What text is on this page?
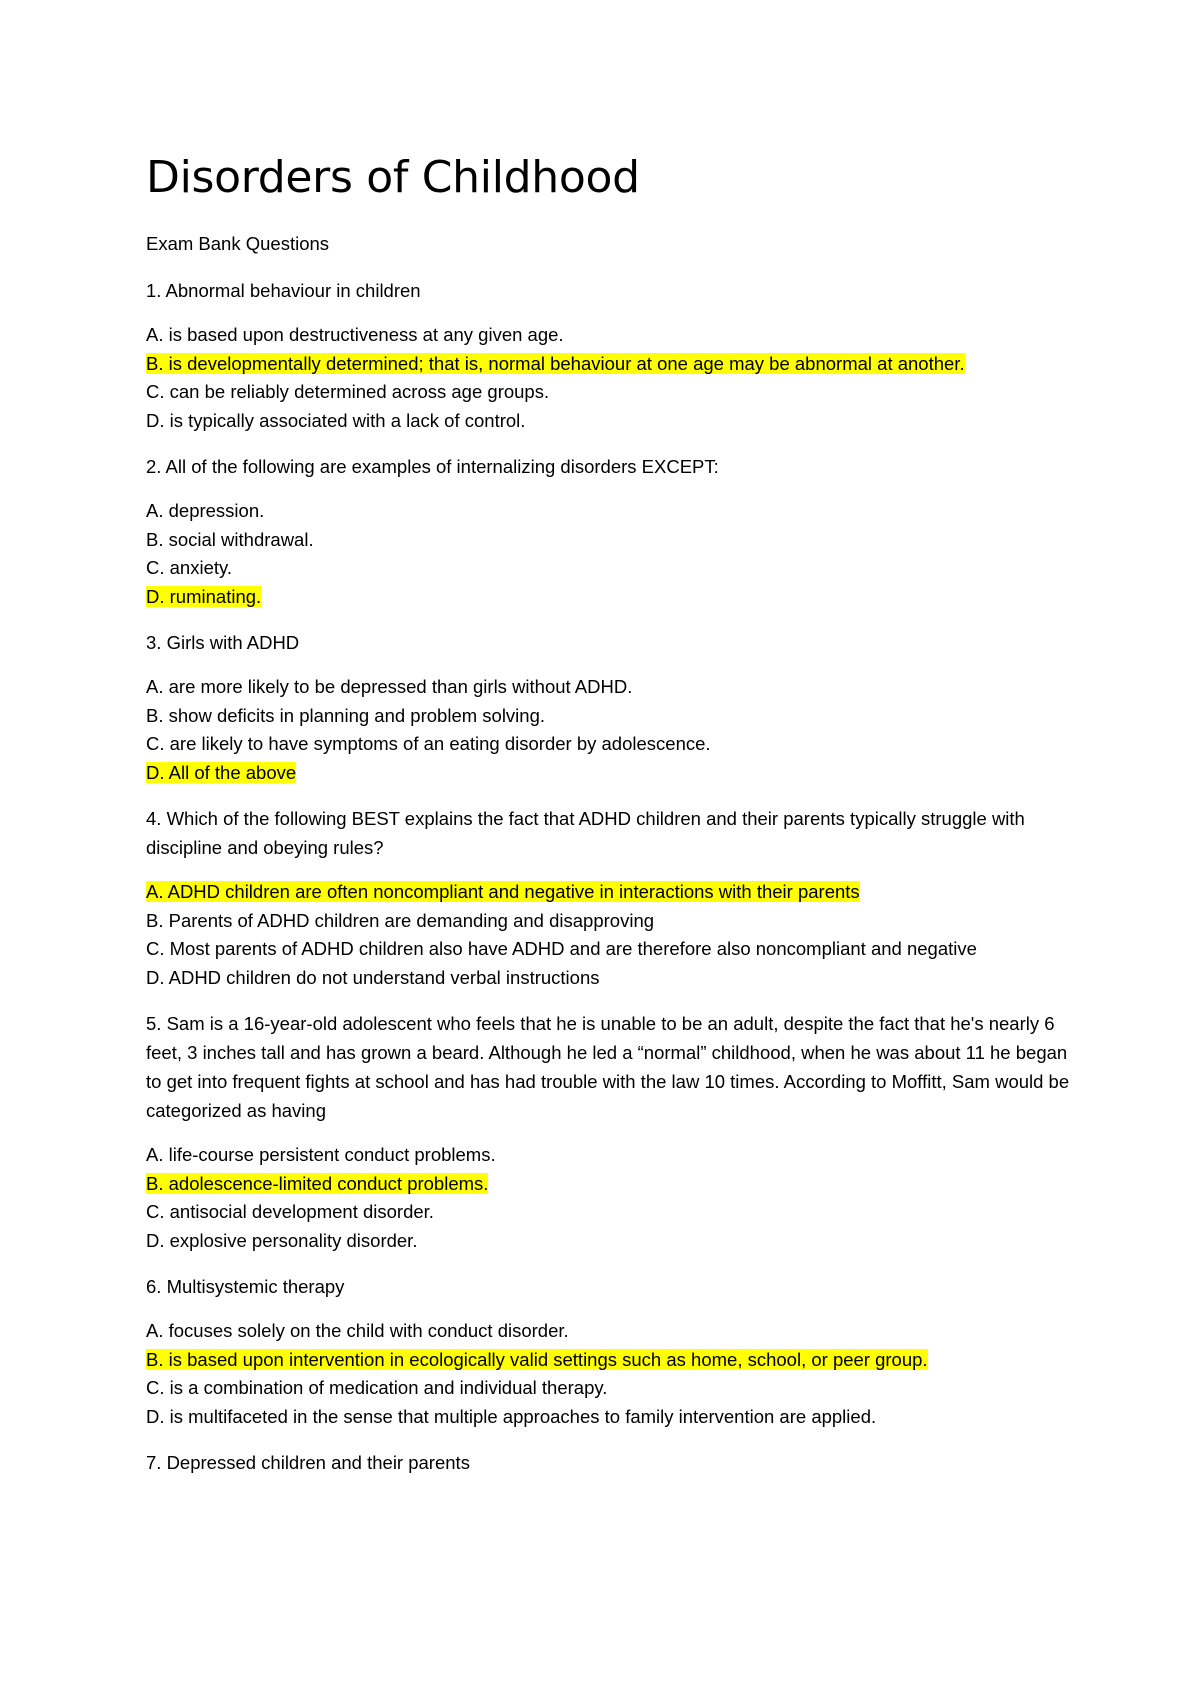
Disorders of Childhood

Exam Bank Questions

1. Abnormal behaviour in children

A. is based upon destructiveness at any given age.
B. is developmentally determined; that is, normal behaviour at one age may be abnormal at another.
C. can be reliably determined across age groups.
D. is typically associated with a lack of control.

2. All of the following are examples of internalizing disorders EXCEPT:

A. depression.
B. social withdrawal.
C. anxiety.
D. ruminating.

3. Girls with ADHD

A. are more likely to be depressed than girls without ADHD.
B. show deficits in planning and problem solving.
C. are likely to have symptoms of an eating disorder by adolescence.
D. All of the above

4. Which of the following BEST explains the fact that ADHD children and their parents typically struggle with discipline and obeying rules?

A. ADHD children are often noncompliant and negative in interactions with their parents
B. Parents of ADHD children are demanding and disapproving
C. Most parents of ADHD children also have ADHD and are therefore also noncompliant and negative
D. ADHD children do not understand verbal instructions

5. Sam is a 16-year-old adolescent who feels that he is unable to be an adult, despite the fact that he's nearly 6 feet, 3 inches tall and has grown a beard. Although he led a “normal” childhood, when he was about 11 he began to get into frequent fights at school and has had trouble with the law 10 times. According to Moffitt, Sam would be categorized as having

A. life-course persistent conduct problems.
B. adolescence-limited conduct problems.
C. antisocial development disorder.
D. explosive personality disorder.

6. Multisystemic therapy

A. focuses solely on the child with conduct disorder.
B. is based upon intervention in ecologically valid settings such as home, school, or peer group.
C. is a combination of medication and individual therapy.
D. is multifaceted in the sense that multiple approaches to family intervention are applied.

7. Depressed children and their parents
